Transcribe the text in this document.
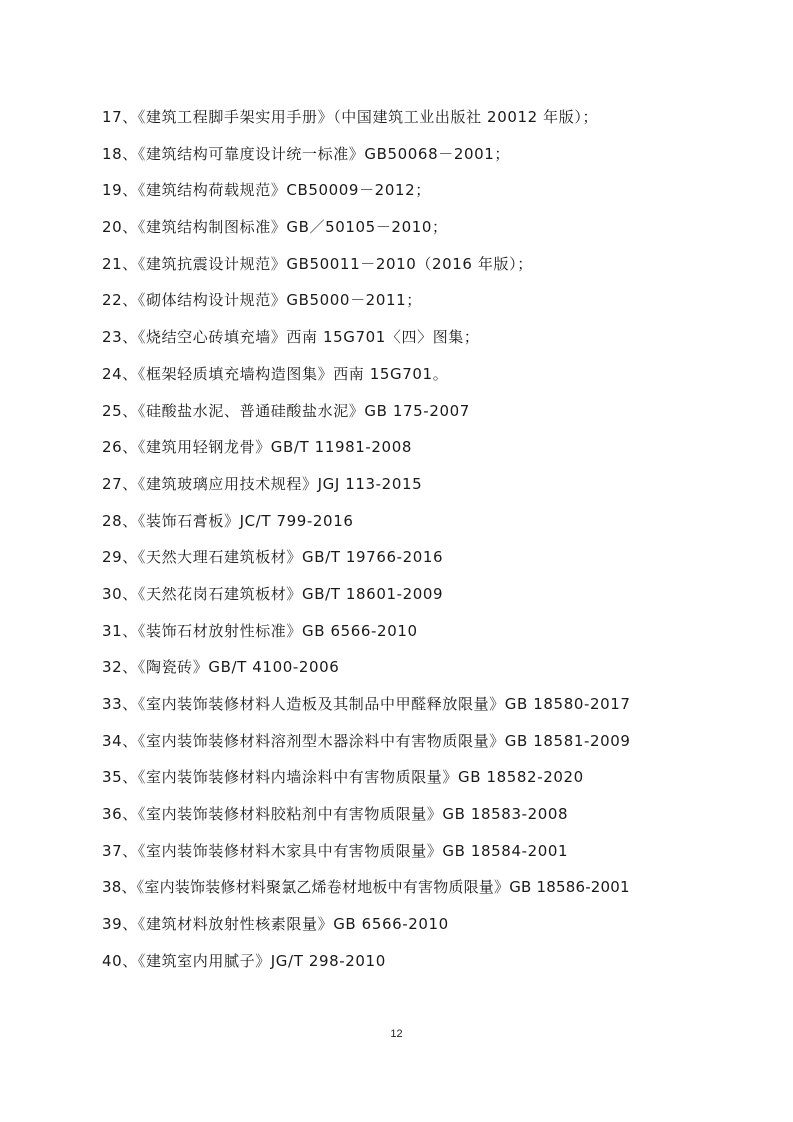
17、《建筑工程脚手架实用手册》（中国建筑工业出版社 20012 年版）；
18、《建筑结构可靠度设计统一标准》GB50068－2001；
19、《建筑结构荷载规范》CB50009－2012；
20、《建筑结构制图标准》GB／50105－2010；
21、《建筑抗震设计规范》GB50011－2010（2016 年版）；
22、《砌体结构设计规范》GB5000－2011；
23、《烧结空心砖填充墙》西南 15G701〈四〉图集；
24、《框架轻质填充墙构造图集》西南 15G701。
25、《硅酸盐水泥、普通硅酸盐水泥》GB 175-2007
26、《建筑用轻钢龙骨》GB/T 11981-2008
27、《建筑玻璃应用技术规程》JGJ 113-2015
28、《装饰石膏板》JC/T 799-2016
29、《天然大理石建筑板材》GB/T 19766-2016
30、《天然花岗石建筑板材》GB/T 18601-2009
31、《装饰石材放射性标准》GB 6566-2010
32、《陶瓷砖》GB/T 4100-2006
33、《室内装饰装修材料人造板及其制品中甲醛释放限量》GB 18580-2017
34、《室内装饰装修材料溶剂型木器涂料中有害物质限量》GB 18581-2009
35、《室内装饰装修材料内墙涂料中有害物质限量》GB 18582-2020
36、《室内装饰装修材料胶粘剂中有害物质限量》GB 18583-2008
37、《室内装饰装修材料木家具中有害物质限量》GB 18584-2001
38、《室内装饰装修材料聚氯乙烯卷材地板中有害物质限量》GB 18586-2001
39、《建筑材料放射性核素限量》GB 6566-2010
40、《建筑室内用腻子》JG/T 298-2010
12
